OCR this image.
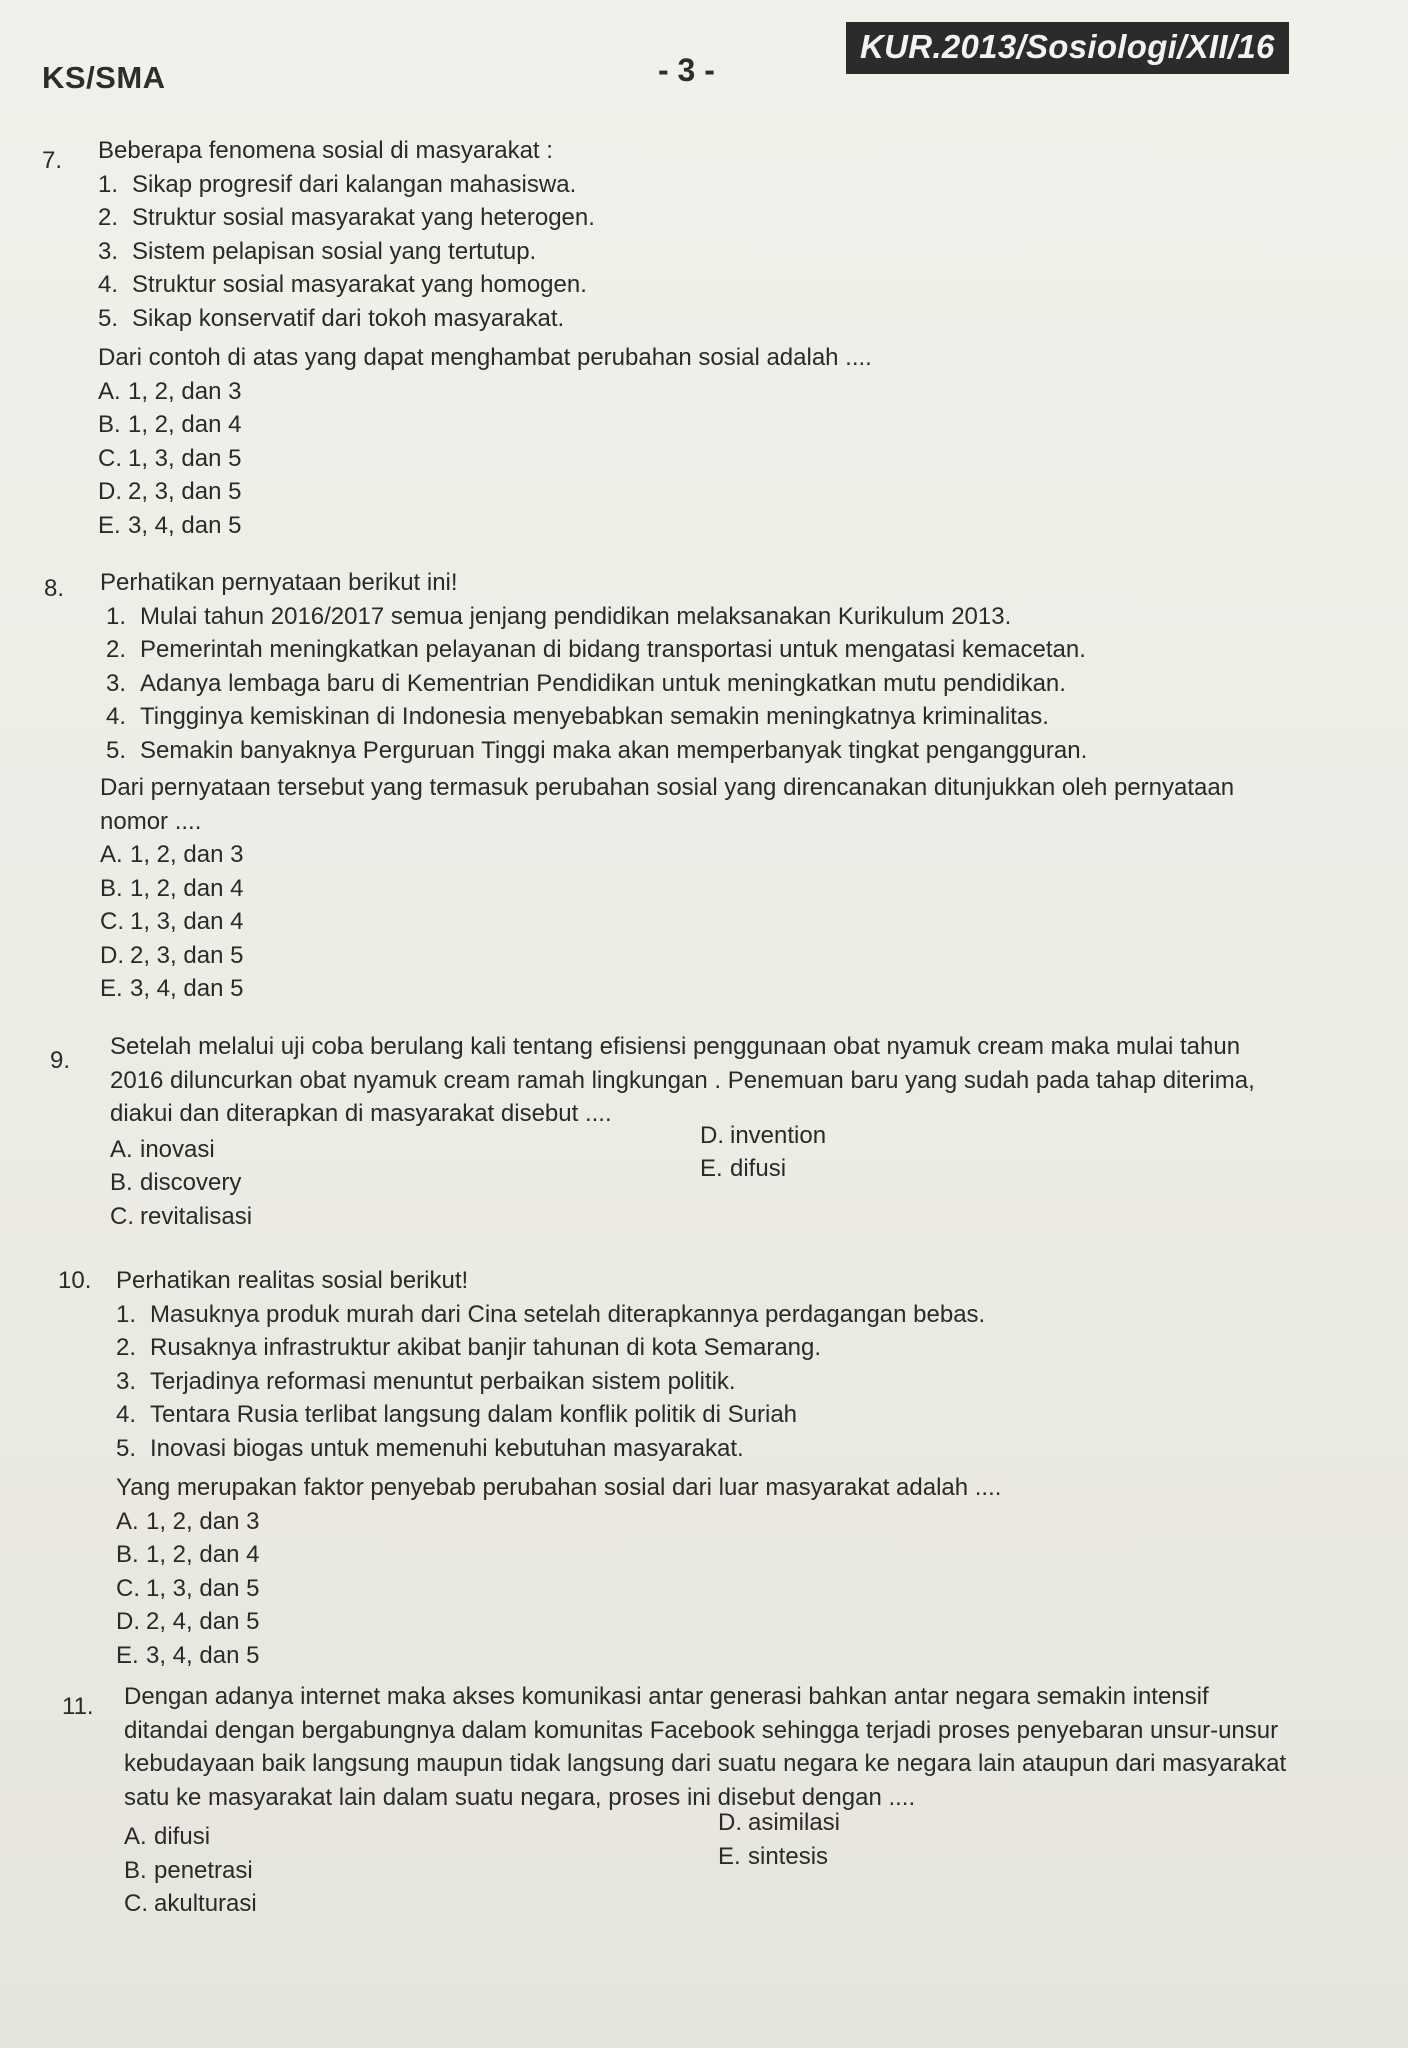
KS/SMA	- 3 -
KUR.2013/Sosiologi/XII/16
7. Beberapa fenomena sosial di masyarakat :
1. Sikap progresif dari kalangan mahasiswa.
2. Struktur sosial masyarakat yang heterogen.
3. Sistem pelapisan sosial yang tertutup.
4. Struktur sosial masyarakat yang homogen.
5. Sikap konservatif dari tokoh masyarakat.
Dari contoh di atas yang dapat menghambat perubahan sosial adalah ....
A. 1, 2, dan 3
B. 1, 2, dan 4
C. 1, 3, dan 5
D. 2, 3, dan 5
E. 3, 4, dan 5
8. Perhatikan pernyataan berikut ini!
1. Mulai tahun 2016/2017 semua jenjang pendidikan melaksanakan Kurikulum 2013.
2. Pemerintah meningkatkan pelayanan di bidang transportasi untuk mengatasi kemacetan.
3. Adanya lembaga baru di Kementrian Pendidikan untuk meningkatkan mutu pendidikan.
4. Tingginya kemiskinan di Indonesia menyebabkan semakin meningkatnya kriminalitas.
5. Semakin banyaknya Perguruan Tinggi maka akan memperbanyak tingkat pengangguran.
Dari pernyataan tersebut yang termasuk perubahan sosial yang direncanakan ditunjukkan oleh pernyataan
nomor ....
A. 1, 2, dan 3
B. 1, 2, dan 4
C. 1, 3, dan 4
D. 2, 3, dan 5
E. 3, 4, dan 5
9.
Setelah melalui uji coba berulang kali tentang efisiensi penggunaan obat nyamuk cream maka mulai tahun
2016 diluncurkan obat nyamuk cream ramah lingkungan . Penemuan baru yang sudah pada tahap diterima,
diakui dan diterapkan di masyarakat disebut ....
A. inovasi
B. discovery
C. revitalisasi
D. invention
E. difusi
10. Perhatikan realitas sosial berikut!
1. Masuknya produk murah dari Cina setelah diterapkannya perdagangan bebas.
2. Rusaknya infrastruktur akibat banjir tahunan di kota Semarang.
3. Terjadinya reformasi menuntut perbaikan sistem politik.
4. Tentara Rusia terlibat langsung dalam konflik politik di Suriah
5. Inovasi biogas untuk memenuhi kebutuhan masyarakat.
Yang merupakan faktor penyebab perubahan sosial dari luar masyarakat adalah ....
A. 1, 2, dan 3
B. 1, 2, dan 4
C. 1, 3, dan 5
D. 2, 4, dan 5
E. 3, 4, dan 5
11. Dengan adanya internet maka akses komunikasi antar generasi bahkan antar negara semakin intensif
ditandai dengan bergabungnya dalam komunitas Facebook sehingga terjadi proses penyebaran unsur-unsur
kebudayaan baik langsung maupun tidak langsung dari suatu negara ke negara lain ataupun dari masyarakat
satu ke masyarakat lain dalam suatu negara, proses ini disebut dengan ....
A. difusi
B. penetrasi
C. akulturasi
D. asimilasi
E. sintesis
